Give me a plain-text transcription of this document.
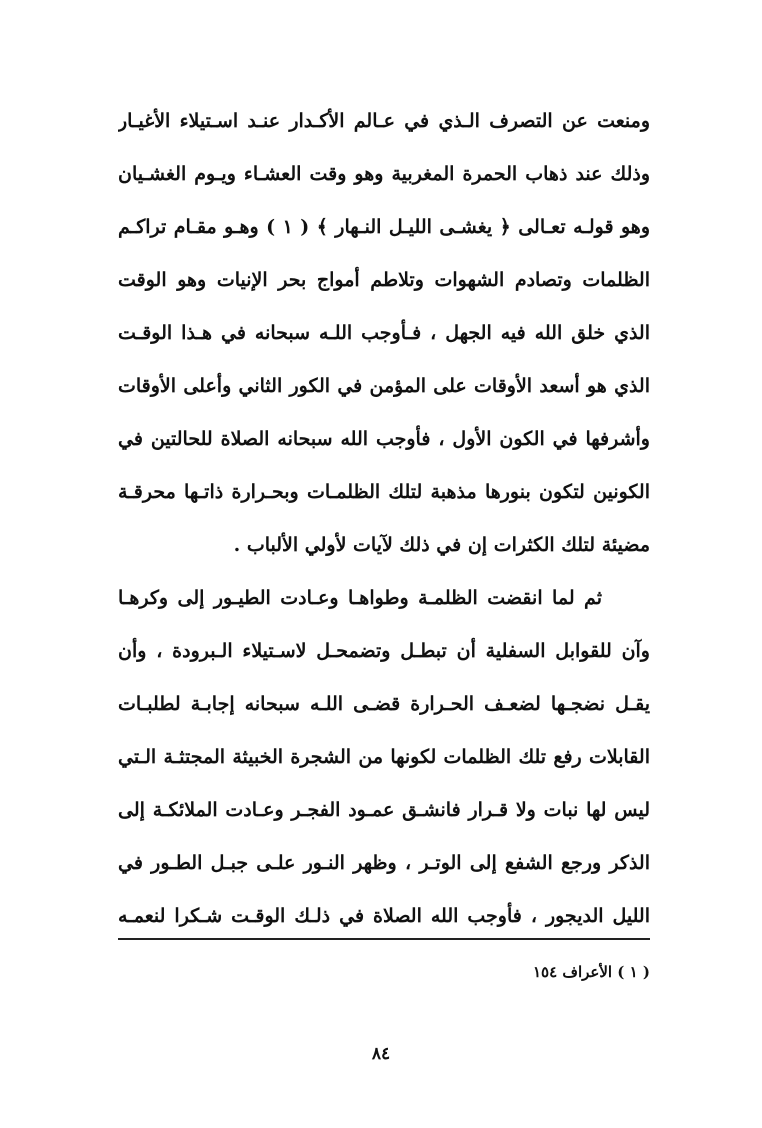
ومنعت عن التصرف الـذي في عـالم الأكـدار عنـد اسـتيلاء الأغيـار
وذلك عند ذهاب الحمرة المغربية وهو وقت العشـاء ويـوم الغشـيان
وهو قولـه تعـالى ﴿ يغشـى الليـل النـهار ﴾ ( ١ ) وهـو مقـام تراكـم
الظلمات وتصادم الشهوات وتلاطم أمواج بحر الإنيات وهو الوقت
الذي خلق الله فيه الجهل ، فـأوجب اللـه سبحانه في هـذا الوقـت
الذي هو أسعد الأوقات على المؤمن في الكور الثاني وأعلى الأوقات
وأشرفها في الكون الأول ، فأوجب الله سبحانه الصلاة للحالتين في
الكونين لتكون بنورها مذهبة لتلك الظلمـات وبحـرارة ذاتـها محرقـة
مضيئة لتلك الكثرات إن في ذلك لآيات لأولي الألباب .
ثم لما انقضت الظلمـة وطواهـا وعـادت الطيـور إلى وكرهـا
وآن للقوابل السفلية أن تبطـل وتضمحـل لاسـتيلاء الـبرودة ، وأن
يقـل نضجـها لضعـف الحـرارة قضـى اللـه سبحانه إجابـة لطلبـات
القابلات رفع تلك الظلمات لكونها من الشجرة الخبيثة المجتثـة الـتي
ليس لها نبات ولا قـرار فانشـق عمـود الفجـر وعـادت الملائكـة إلى
الذكر ورجع الشفع إلى الوتـر ، وظهر النـور علـى جبـل الطـور في
الليل الديجور ، فأوجب الله الصلاة في ذلـك الوقـت شـكرا لنعمـه
( ١ ) الأعراف ١٥٤
٨٤
